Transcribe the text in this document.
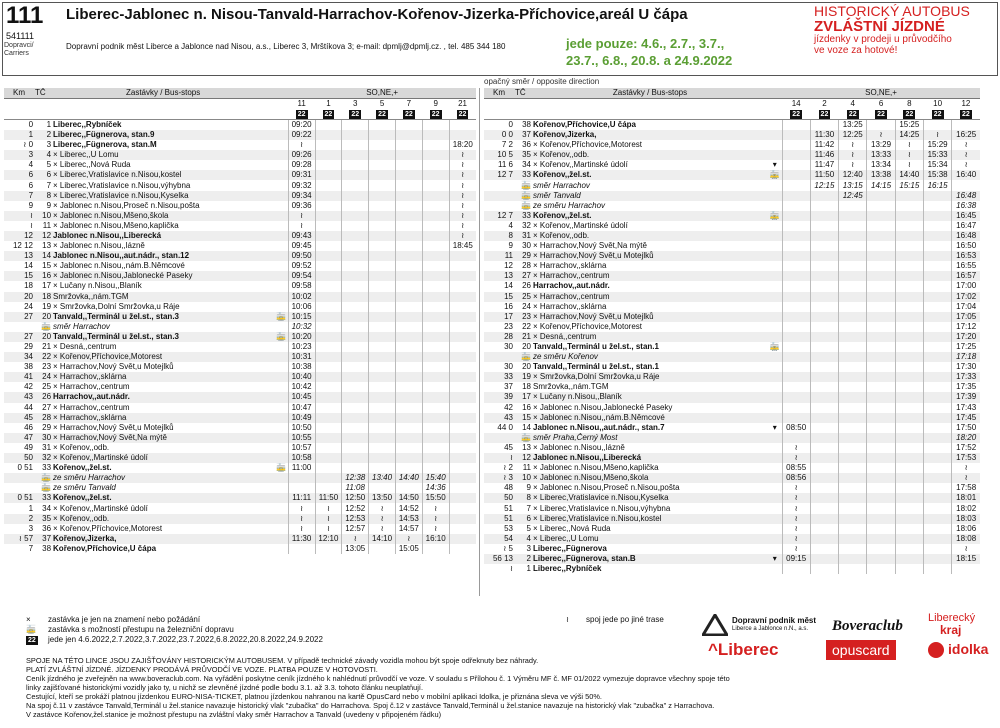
111
541111
Dopravci/ Carriers
Liberec-Jablonec n. Nisou-Tanvald-Harrachov-Kořenov-Jizerka-Příchovice,areál U čápa
Dopravní podnik měst Liberce a Jablonce nad Nisou, a.s., Liberec 3, Mrštíkova 3; e-mail: dpmlj@dpmlj.cz. , tel. 485 344 180	jede pouze: 4.6., 2.7., 3.7.,
23.7., 6.8., 20.8. a 24.9.2022
HISTORICKÝ AUTOBUS
ZVLÁŠTNÍ JÍZDNÉ
jízdenky v prodeji u průvodčího
ve voze za hotové!
opačný směr / opposite direction
Km	TČ	Zastávky / Bus-stops		SO,NE,+						
				11	1	3	5	7	9	21
				22	22	22	22	22	22	22
0	1	Liberec,,Rybníček		09:20						
1	2	Liberec,,Fügnerova, stan.9		09:22						
≀ 0	3	Liberec,,Fügnerova, stan.M		≀						18:20
3	4	× Liberec,,U Lomu		09:26						≀
4	5	× Liberec,,Nová Ruda		09:28						≀
6	6	× Liberec,Vratislavice n.Nisou,kostel		09:31						≀
6	7	× Liberec,Vratislavice n.Nisou,výhybna		09:32						≀
7	8	× Liberec,Vratislavice n.Nisou,Kyselka		09:34						≀
9	9	× Jablonec n.Nisou,Proseč n.Nisou,pošta		09:36						≀
≀	10	× Jablonec n.Nisou,Mšeno,škola		≀						≀
≀	11	× Jablonec n.Nisou,Mšeno,kaplička		≀						≀
12	12	Jablonec n.Nisou,,Liberecká		09:43						≀
12 12	13	× Jablonec n.Nisou,,lázně		09:45						18:45
13	14	Jablonec n.Nisou,,aut.nádr., stan.12		09:50						
14	15	× Jablonec n.Nisou,,nám.B.Němcové		09:52						
15	16	× Jablonec n.Nisou,Jablonecké Paseky		09:54						
18	17	× Lučany n.Nisou,,Blaník		09:58						
20	18	Smržovka,,nám.TGM		10:02						
24	19	× Smržovka,Dolní Smržovka,u Ráje		10:06						
27	20	Tanvald,,Terminál u žel.st., stan.3	🚋	10:15						
	🚋	směr Harrachov		10:32						
27	20	Tanvald,,Terminál u žel.st., stan.3	🚋	10:20						
29	21	× Desná,,centrum		10:23						
34	22	× Kořenov,Příchovice,Motorest		10:31						
38	23	× Harrachov,Nový Svět,u Motejlků		10:38						
41	24	× Harrachov,,sklárna		10:40						
42	25	× Harrachov,,centrum		10:42						
43	26	Harrachov,,aut.nádr.		10:45						
44	27	× Harrachov,,centrum		10:47						
45	28	× Harrachov,,sklárna		10:49						
46	29	× Harrachov,Nový Svět,u Motejlků		10:50						
47	30	× Harrachov,Nový Svět,Na mýtě		10:55						
49	31	× Kořenov,,odb.		10:57						
50	32	× Kořenov,,Martinské údolí		10:58						
0 51	33	Kořenov,,žel.st.	🚋	11:00						
	🚋	ze směru Harrachov				12:38	13:40	14:40	15:40	
	🚋	ze směru Tanvald				11:08			14:36	
0 51	33	Kořenov,,žel.st.		11:11	11:50	12:50	13:50	14:50	15:50	
1	34	× Kořenov,,Martinské údolí		≀	≀	12:52	≀	14:52	≀	
2	35	× Kořenov,,odb.		≀	≀	12:53	≀	14:53	≀	
3	36	× Kořenov,Příchovice,Motorest		≀	≀	12:57	≀	14:57	≀	
≀ 57	37	Kořenov,Jizerka,		11:30	12:10	≀	14:10	≀	16:10	
7	38	Kořenov,Příchovice,U čápa				13:05		15:05		
Km	TČ	Zastávky / Bus-stops		SO,NE,+						
				14	2	4	6	8	10	12
				22	22	22	22	22	22	22
0	38	Kořenov,Příchovice,U čápa				13:25		15:25		
0 0	37	Kořenov,Jizerka,			11:30	12:25	≀	14:25	≀	16:25
7 2	36	× Kořenov,Příchovice,Motorest			11:42	≀	13:29	≀	15:29	≀
10 5	35	× Kořenov,,odb.			11:46	≀	13:33	≀	15:33	≀
11 6	34	× Kořenov,,Martinské údolí	▾		11:47	≀	13:34	≀	15:34	≀
12 7	33	Kořenov,,žel.st.	🚋		11:50	12:40	13:38	14:40	15:38	16:40
	🚋	směr Harrachov			12:15	13:15	14:15	15:15	16:15	
	🚋	směr Tanvald				12:45				16:48
	🚋	ze směru Harrachov								16:38
12 7	33	Kořenov,,žel.st.	🚋							16:45
4	32	× Kořenov,,Martinské údolí								16:47
8	31	× Kořenov,,odb.								16:48
9	30	× Harrachov,Nový Svět,Na mýtě								16:50
11	29	× Harrachov,Nový Svět,u Motejlků								16:53
12	28	× Harrachov,,sklárna								16:55
13	27	× Harrachov,,centrum								16:57
14	26	Harrachov,,aut.nádr.								17:00
15	25	× Harrachov,,centrum								17:02
16	24	× Harrachov,,sklárna								17:04
17	23	× Harrachov,Nový Svět,u Motejlků								17:05
23	22	× Kořenov,Příchovice,Motorest								17:12
28	21	× Desná,,centrum								17:20
30	20	Tanvald,,Terminál u žel.st., stan.1	🚋							17:25
	🚋	ze směru Kořenov								17:18
30	20	Tanvald,,Terminál u žel.st., stan.1								17:30
33	19	× Smržovka,Dolní Smržovka,u Ráje								17:33
37	18	Smržovka,,nám.TGM								17:35
39	17	× Lučany n.Nisou,,Blaník								17:39
42	16	× Jablonec n.Nisou,Jablonecké Paseky								17:43
43	15	× Jablonec n.Nisou,,nám.B.Němcové								17:45
44 0	14	Jablonec n.Nisou,,aut.nádr., stan.7	▾	08:50						17:50
	🚋	směr Praha,Černý Most								18:20
45	13	× Jablonec n.Nisou,,lázně		≀						17:52
≀	12	Jablonec n.Nisou,,Liberecká		≀						17:53
≀ 2	11	× Jablonec n.Nisou,Mšeno,kaplička		08:55						≀
≀ 3	10	× Jablonec n.Nisou,Mšeno,škola		08:56						≀
48	9	× Jablonec n.Nisou,Proseč n.Nisou,pošta		≀						17:58
50	8	× Liberec,Vratislavice n.Nisou,Kyselka		≀						18:01
51	7	× Liberec,Vratislavice n.Nisou,výhybna		≀						18:02
51	6	× Liberec,Vratislavice n.Nisou,kostel		≀						18:03
53	5	× Liberec,,Nová Ruda		≀						18:06
54	4	× Liberec,,U Lomu		≀						18:08
≀ 5	3	Liberec,,Fügnerova		≀						≀
56 13	2	Liberec,,Fügnerova, stan.B	▾	09:15						18:15
≀	1	Liberec,,Rybníček								
× zastávka je jen na znamení nebo požádání
🚋 zastávka s možností přestupu na železniční dopravu
22 jede jen 4.6.2022,2.7.2022,3.7.2022,23.7.2022,6.8.2022,20.8.2022,24.9.2022
≀ spoj jede po jiné trase

SPOJE NA TÉTO LINCE JSOU ZAJIŠŤOVÁNY HISTORICKÝM AUTOBUSEM. V případě technické závady vozidla mohou být spoje odřeknuty bez náhrady.

PLATÍ ZVLÁŠTNÍ JÍZDNÉ. JÍZDENKY PRODÁVÁ PRŮVODČÍ VE VOZE. PLATBA POUZE V HOTOVOSTI.

Ceník jízdného je zveřejněn na www.boveraclub.com. Na vyřádění poskytne ceník jízdného k nahlédnutí průvodčí ve voze. V souladu s Přílohou č. 1 Výměru MF č. MF 01/2022 vymezuje dopravce všechny spoje této linky zajišťované historickými vozidly jako ty, u nichž se zlevněné jízdné podle bodu 3.1. až 3.3. tohoto článku neuplatňují.

Cestující, kteří se prokáží platnou jízdenkou EURO-NISA-TICKET, platnou jízdenkou nahranou na kartě OpusCard nebo v mobilní aplikaci Idolka, je přiznána sleva ve výši 50%.

Na spoj č.11 v zastávce Tanvald,Terminál u žel.stanice navazuje historický vlak "zubačka" do Harrachova. Spoj č.12 v zastávce Tanvald,Terminál u žel.stanice navazuje na historický vlak "zubačka" z Harrachova.

V zastávce Kořenov,žel.stanice je možnost přestupu na zvláštní vlaky směr Harrachov a Tanvald (uvedeny v připojeném řádku)

Dopravní podnik měst
Liberce a Jablonce n.N., a.s.
^Liberec
Boveraclub
opuscard
Liberecký
kraj
idolka
